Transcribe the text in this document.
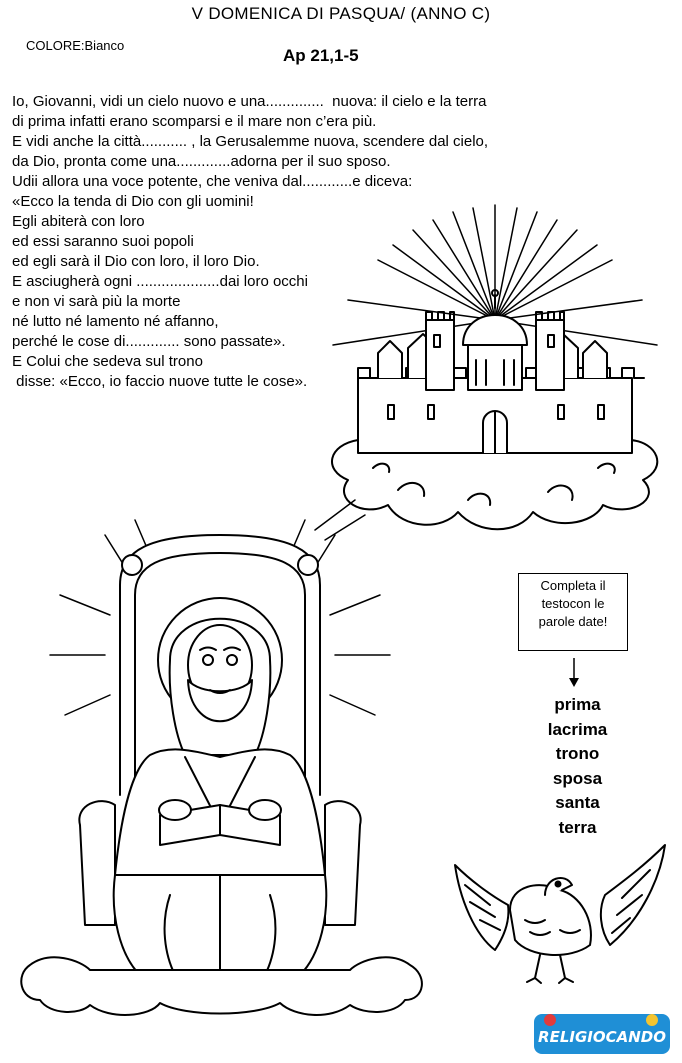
V DOMENICA DI PASQUA/ (ANNO C)
COLORE:Bianco
Ap 21,1-5
Io, Giovanni, vidi un cielo nuovo e una..............  nuova: il cielo e la terra
di prima infatti erano scomparsi e il mare non c’era più.
E vidi anche la città........... , la Gerusalemme nuova, scendere dal cielo,
da Dio, pronta come una.............adorna per il suo sposo.
Udii allora una voce potente, che veniva dal............e diceva:
«Ecco la tenda di Dio con gli uomini!
Egli abiterà con loro
ed essi saranno suoi popoli
ed egli sarà il Dio con loro, il loro Dio.
E asciugherà ogni ....................dai loro occhi
e non vi sarà più la morte
né lutto né lamento né affanno,
perché le cose di............. sono passate».
E Colui che sedeva sul trono
disse: «Ecco, io faccio nuove tutte le cose».
Completa il
testocon le
parole date!
prima
lacrima
trono
sposa
santa
terra
RELIGIOCANDO
